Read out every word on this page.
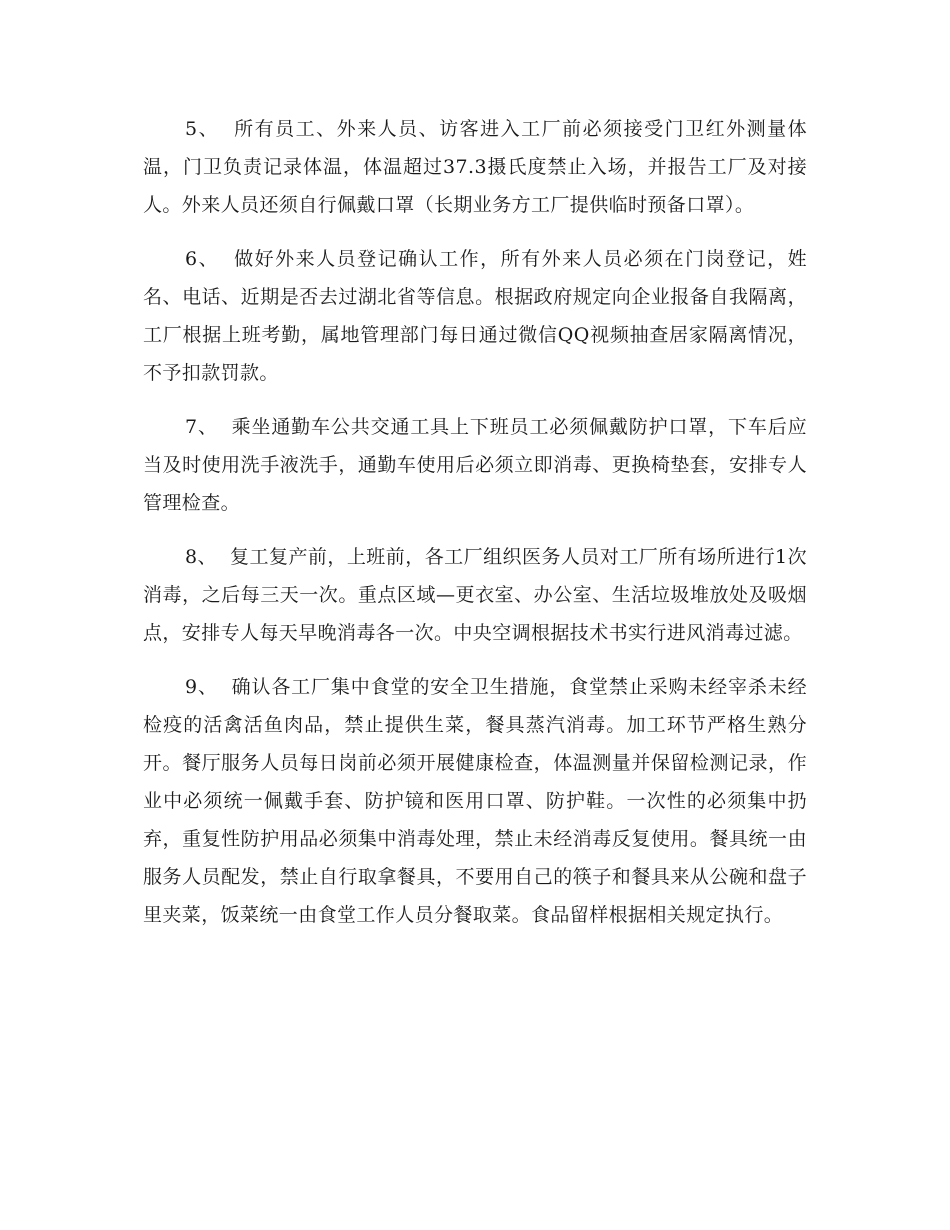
5、 所有员工、外来人员、访客进入工厂前必须接受门卫红外测量体温，门卫负责记录体温，体温超过37.3摄氏度禁止入场，并报告工厂及对接人。外来人员还须自行佩戴口罩（长期业务方工厂提供临时预备口罩）。

6、 做好外来人员登记确认工作，所有外来人员必须在门岗登记，姓名、电话、近期是否去过湖北省等信息。根据政府规定向企业报备自我隔离，工厂根据上班考勤，属地管理部门每日通过微信QQ视频抽查居家隔离情况，不予扣款罚款。

7、 乘坐通勤车公共交通工具上下班员工必须佩戴防护口罩，下车后应当及时使用洗手液洗手，通勤车使用后必须立即消毒、更换椅垫套，安排专人管理检查。

8、 复工复产前，上班前，各工厂组织医务人员对工厂所有场所进行1次消毒，之后每三天一次。重点区域—更衣室、办公室、生活垃圾堆放处及吸烟点，安排专人每天早晚消毒各一次。中央空调根据技术书实行进风消毒过滤。

9、 确认各工厂集中食堂的安全卫生措施，食堂禁止采购未经宰杀未经检疫的活禽活鱼肉品，禁止提供生菜，餐具蒸汽消毒。加工环节严格生熟分开。餐厅服务人员每日岗前必须开展健康检查，体温测量并保留检测记录，作业中必须统一佩戴手套、防护镜和医用口罩、防护鞋。一次性的必须集中扔弃，重复性防护用品必须集中消毒处理，禁止未经消毒反复使用。餐具统一由服务人员配发，禁止自行取拿餐具，不要用自己的筷子和餐具来从公碗和盘子里夹菜，饭菜统一由食堂工作人员分餐取菜。食品留样根据相关规定执行。
